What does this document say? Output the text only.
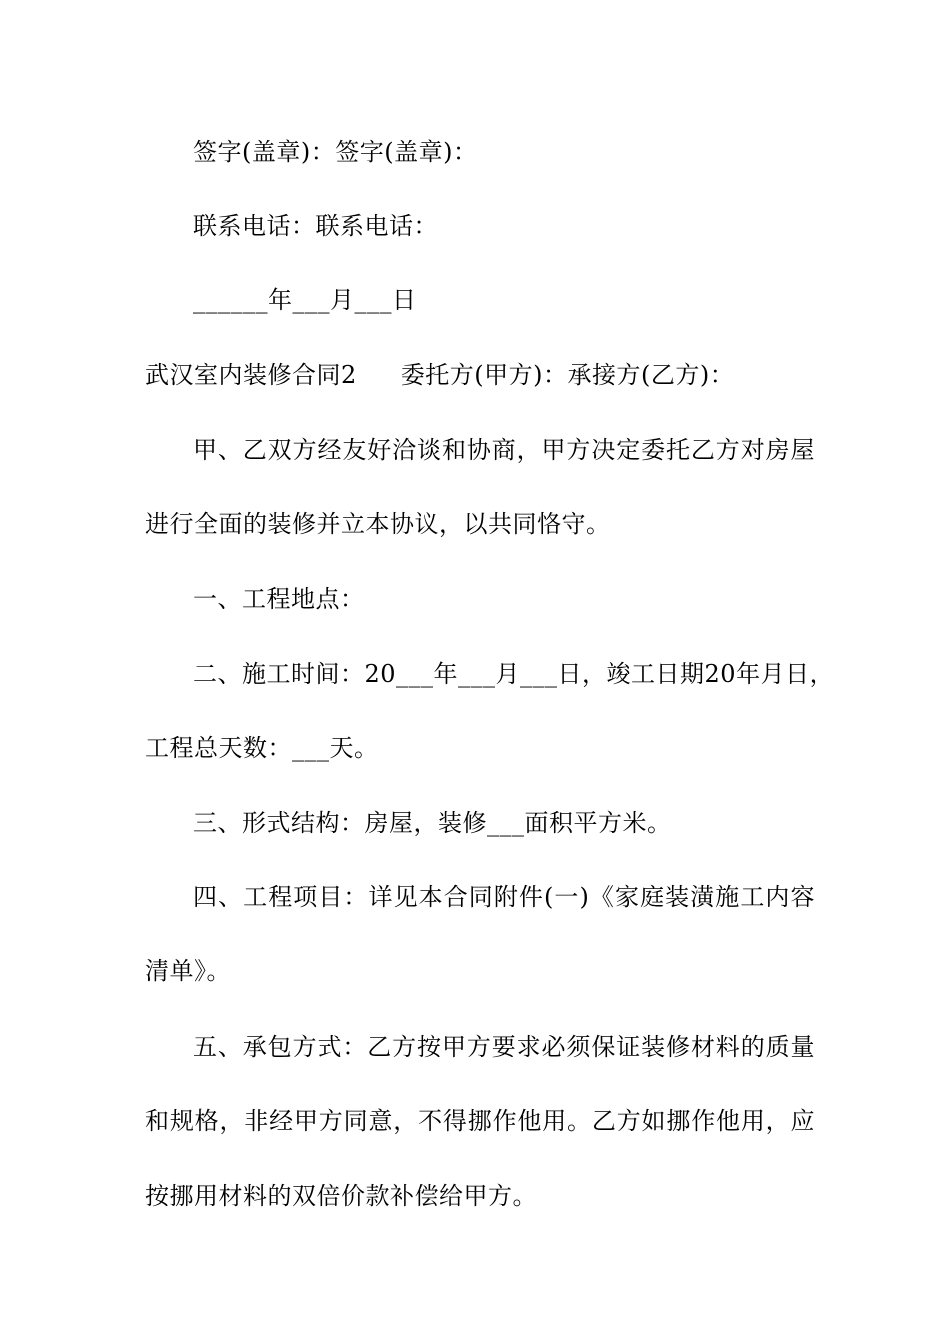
签字(盖章)：签字(盖章)：
联系电话：联系电话：
______年___月___日
武汉室内装修合同2 委托方(甲方)：承接方(乙方)：
甲、乙双方经友好洽谈和协商，甲方决定委托乙方对房屋
进行全面的装修并立本协议，以共同恪守。
一、工程地点：
二、施工时间：20___年___月___日，竣工日期20年月日，
工程总天数：___天。
三、形式结构：房屋，装修___面积平方米。
四、工程项目：详见本合同附件(一)《家庭装潢施工内容
清单》。
五、承包方式：乙方按甲方要求必须保证装修材料的质量
和规格，非经甲方同意，不得挪作他用。乙方如挪作他用，应
按挪用材料的双倍价款补偿给甲方。
